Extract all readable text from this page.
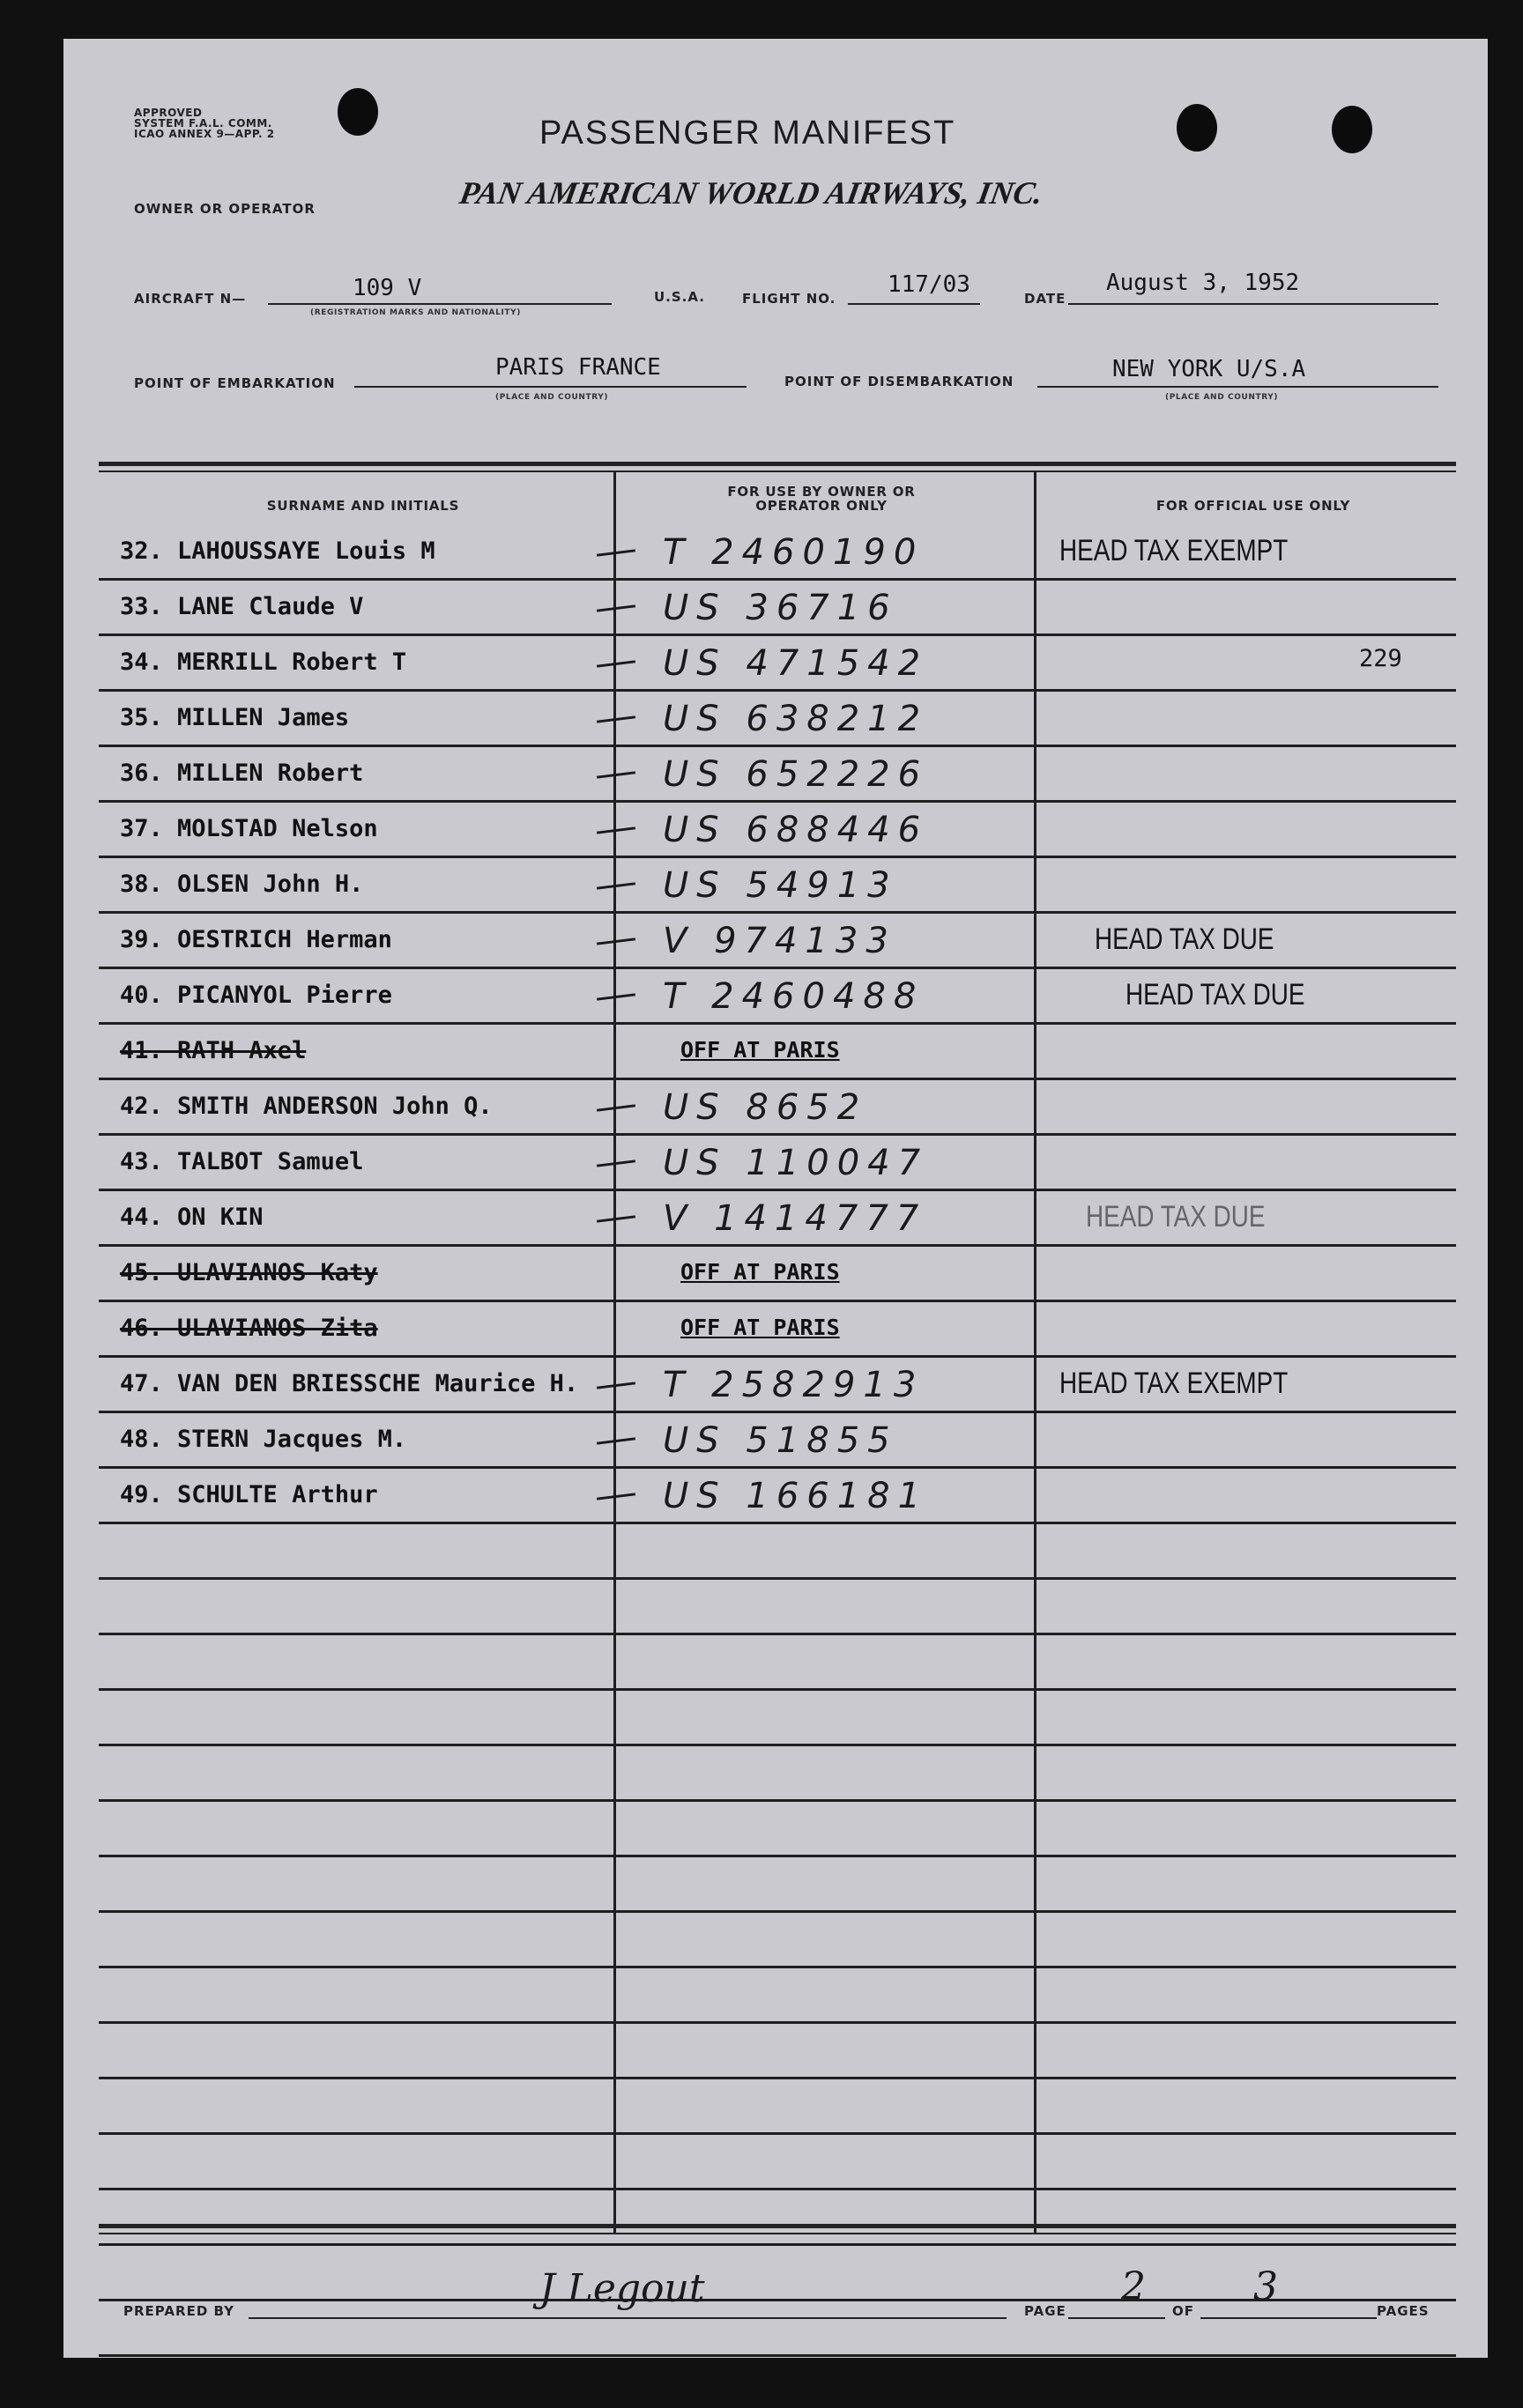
APPROVED
SYSTEM F.A.L. COMM.
ICAO ANNEX 9—APP. 2	PASSENGER MANIFEST
OWNER OR OPERATOR	PAN AMERICAN WORLD AIRWAYS, INC.
AIRCRAFT N—	109 V
(REGISTRATION MARKS AND NATIONALITY)
U.S.A.	FLIGHT NO.
117/03
DATE
August 3, 1952
POINT OF EMBARKATION
PARIS FRANCE
(PLACE AND COUNTRY)
POINT OF DISEMBARKATION	NEW YORK U/S.A
(PLACE AND COUNTRY)
SURNAME AND INITIALS
FOR USE BY OWNER OR OPERATOR ONLY	FOR OFFICIAL USE ONLY
32. LAHOUSSAYE Louis M	T 2460190	HEAD TAX EXEMPT
33. LANE Claude V	US 36716
34. MERRILL Robert T	US 471542	229
35. MILLEN James	US 638212
36. MILLEN Robert	US 652226
37. MOLSTAD Nelson	US 688446
38. OLSEN John H.	US 54913
39. OESTRICH Herman	V 974133	HEAD TAX DUE
40. PICANYOL Pierre	T 2460488	HEAD TAX DUE
41. RATH Axel	OFF AT PARIS
42. SMITH ANDERSON John Q.	US 8652
43. TALBOT Samuel	US 110047
44. ON KIN	V 1414777	HEAD TAX DUE
45. ULAVIANOS Katy	OFF AT PARIS
46. ULAVIANOS Zita	OFF AT PARIS
47. VAN DEN BRIESSCHE Maurice H. T 2582913	HEAD TAX EXEMPT
48. STERN Jacques M.	US 51855
49. SCHULTE Arthur	US 166181
PREPARED BY	J Legout	PAGE
2
OF
3
PAGES
